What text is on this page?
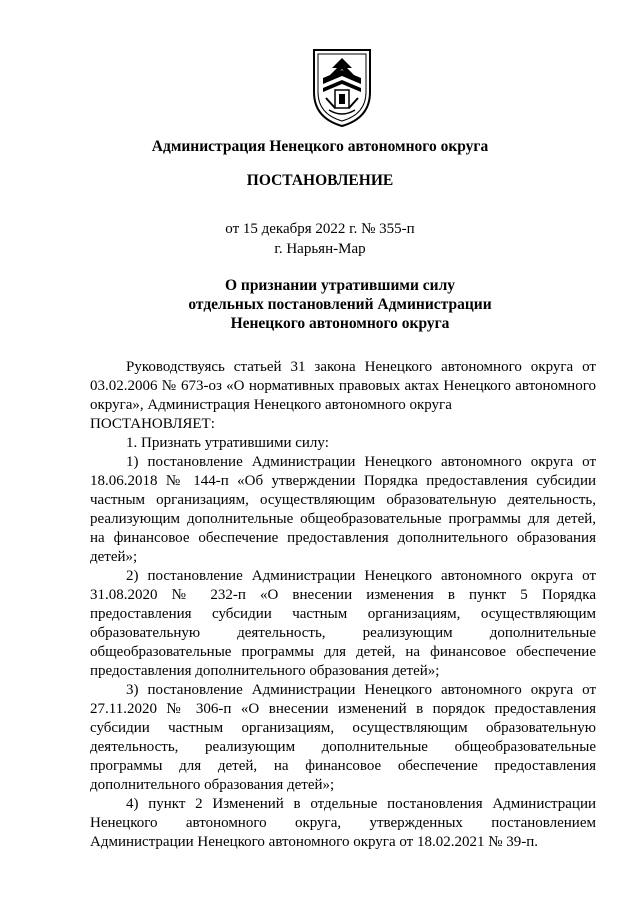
Администрация Ненецкого автономного округа
ПОСТАНОВЛЕНИЕ
от 15 декабря 2022 г. № 355-п
г. Нарьян-Мар
О признании утратившими силу
отдельных постановлений Администрации
Ненецкого автономного округа

Руководствуясь статьей 31 закона Ненецкого автономного округа от 03.02.2006 № 673-оз «О нормативных правовых актах Ненецкого автономного округа», Администрация Ненецкого автономного округа

ПОСТАНОВЛЯЕТ:

1. Признать утратившими силу:

1) постановление Администрации Ненецкого автономного округа от 18.06.2018 № 144-п «Об утверждении Порядка предоставления субсидии частным организациям, осуществляющим образовательную деятельность, реализующим дополнительные общеобразовательные программы для детей, на финансовое обеспечение предоставления дополнительного образования детей»;

2) постановление Администрации Ненецкого автономного округа от 31.08.2020 № 232-п «О внесении изменения в пункт 5 Порядка предоставления субсидии частным организациям, осуществляющим образовательную деятельность, реализующим дополнительные общеобразовательные программы для детей, на финансовое обеспечение предоставления дополнительного образования детей»;

3) постановление Администрации Ненецкого автономного округа от 27.11.2020 № 306-п «О внесении изменений в порядок предоставления субсидии частным организациям, осуществляющим образовательную деятельность, реализующим дополнительные общеобразовательные программы для детей, на финансовое обеспечение предоставления дополнительного образования детей»;

4) пункт 2 Изменений в отдельные постановления Администрации Ненецкого автономного округа, утвержденных постановлением Администрации Ненецкого автономного округа от 18.02.2021 № 39-п.
